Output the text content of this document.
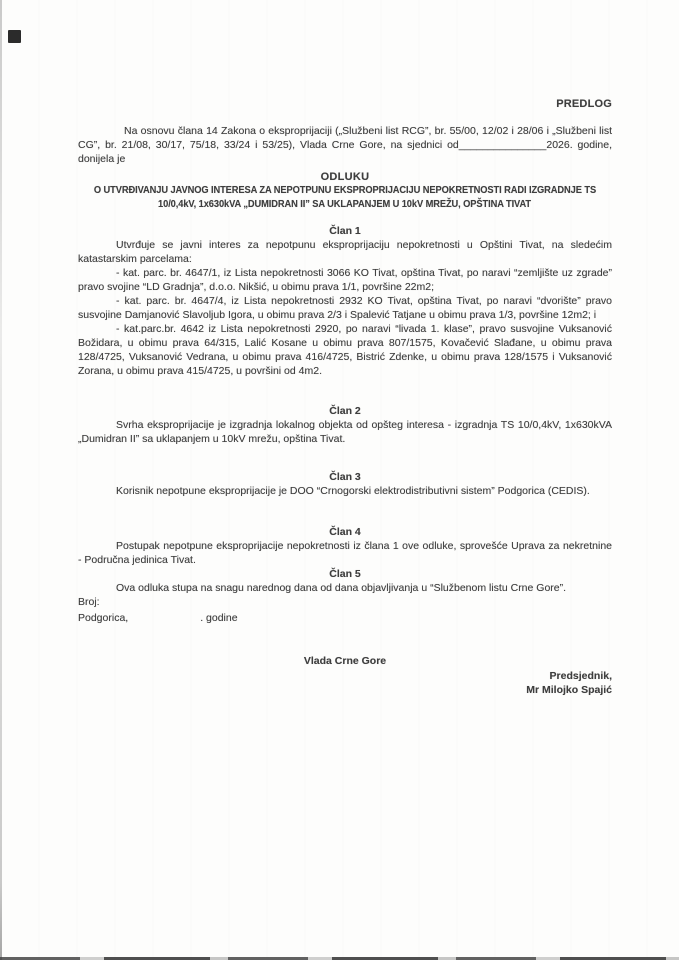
PREDLOG

Na osnovu člana 14 Zakona o eksproprijaciji („Službeni list RCG”, br. 55/00, 12/02 i 28/06 i „Službeni list CG”, br. 21/08, 30/17, 75/18, 33/24 i 53/25), Vlada Crne Gore, na sjednici od_______________2026. godine, donijela je

ODLUKU
O UTVRĐIVANJU JAVNOG INTERESA ZA NEPOTPUNU EKSPROPRIJACIJU NEPOKRETNOSTI RADI IZGRADNJE TS
10/0,4kV, 1x630kVA „DUMIDRAN II” SA UKLAPANJEM U 10kV MREŽU, OPŠTINA TIVAT
Član 1

Utvrđuje se javni interes za nepotpunu eksproprijaciju nepokretnosti u Opštini Tivat, na sledećim katastarskim parcelama:

- kat. parc. br. 4647/1, iz Lista nepokretnosti 3066 KO Tivat, opština Tivat, po naravi “zemljište uz zgrade” pravo svojine “LD Gradnja”, d.o.o. Nikšić, u obimu prava 1/1, površine 22m2;

- kat. parc. br. 4647/4, iz Lista nepokretnosti 2932 KO Tivat, opština Tivat, po naravi “dvorište” pravo susvojine Damjanović Slavoljub Igora, u obimu prava 2/3 i Spalević Tatjane u obimu prava 1/3, površine 12m2; i

- kat.parc.br. 4642 iz Lista nepokretnosti 2920, po naravi “livada 1. klase”, pravo susvojine Vuksanović Božidara, u obimu prava 64/315, Lalić Kosane u obimu prava 807/1575, Kovačević Slađane, u obimu prava 128/4725, Vuksanović Vedrana, u obimu prava 416/4725, Bistrić Zdenke, u obimu prava 128/1575 i Vuksanović Zorana, u obimu prava 415/4725, u površini od 4m2.

Član 2

Svrha eksproprijacije je izgradnja lokalnog objekta od opšteg interesa - izgradnja TS 10/0,4kV, 1x630kVA „Dumidran II” sa uklapanjem u 10kV mrežu, opština Tivat.

Član 3

Korisnik nepotpune eksproprijacije je DOO “Crnogorski elektrodistributivni sistem” Podgorica (CEDIS).

Član 4

Postupak nepotpune eksproprijacije nepokretnosti iz člana 1 ove odluke, sprovešće Uprava za nekretnine - Područna jedinica Tivat.

Član 5

Ova odluka stupa na snagu narednog dana od dana objavljivanja u “Službenom listu Crne Gore”.

Broj:
Podgorica,	. godine
Vlada Crne Gore
Predsjednik,
Mr Milojko Spajić
